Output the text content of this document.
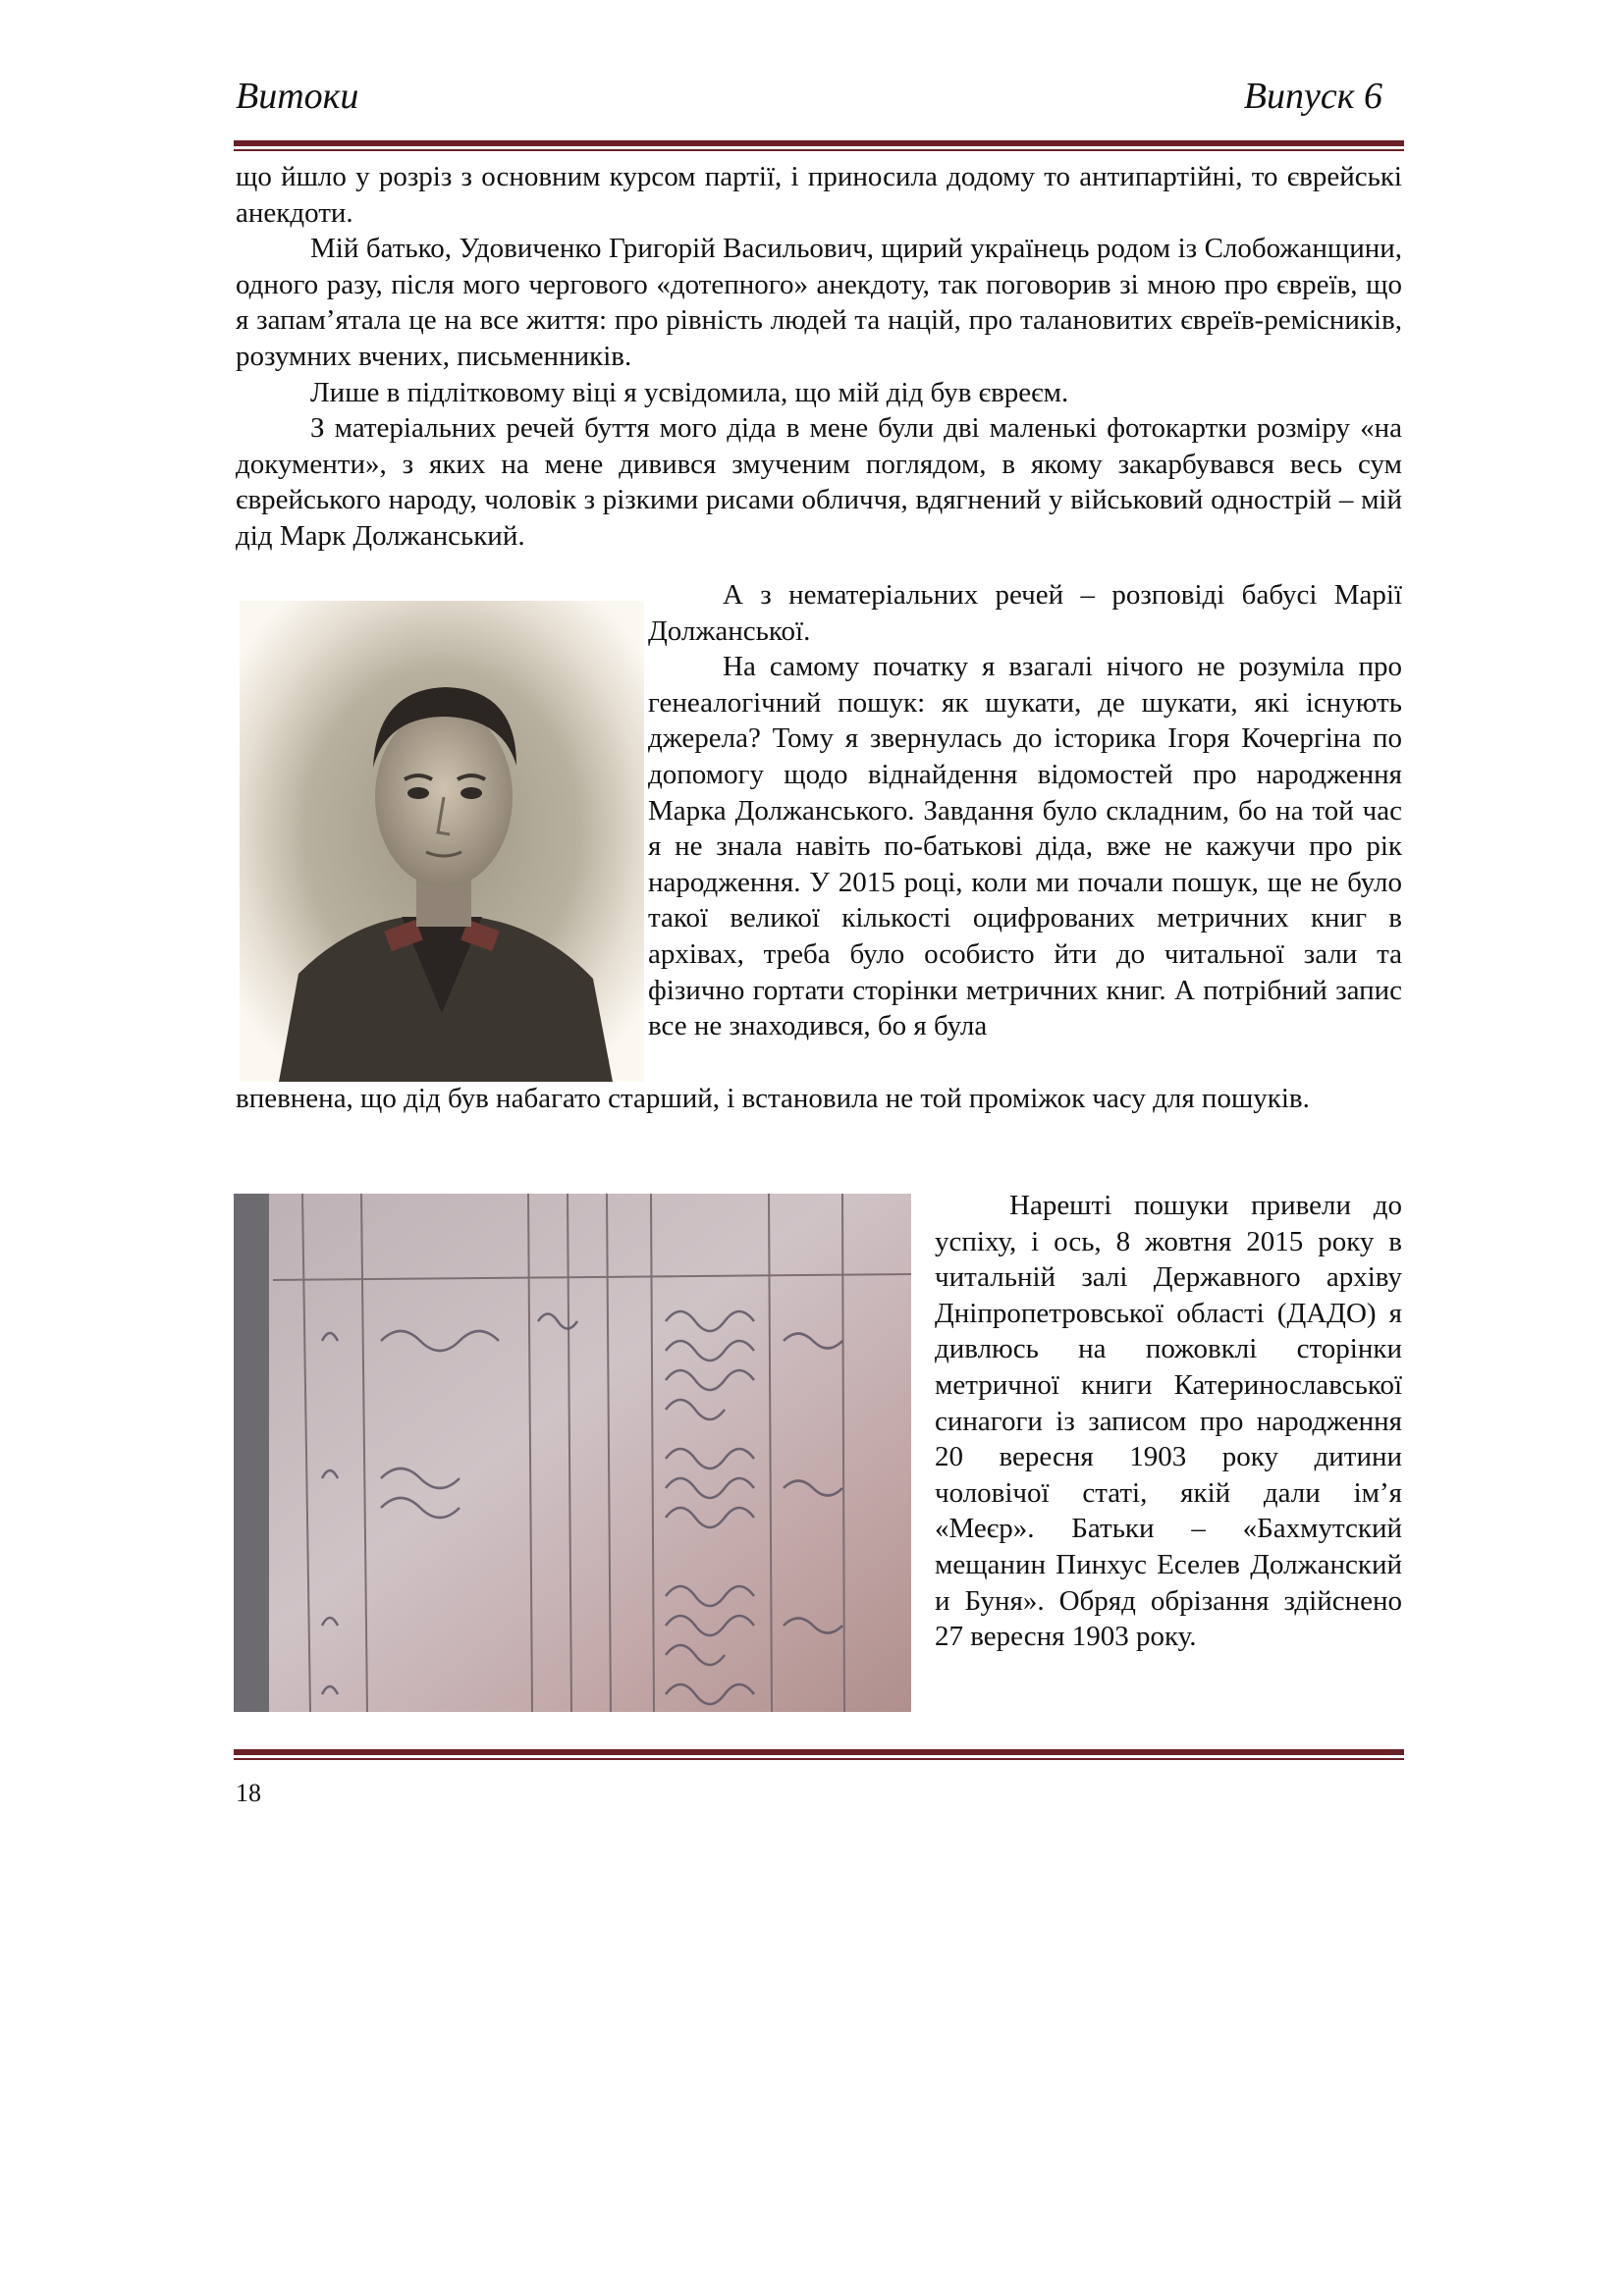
Витоки	Випуск 6

що йшло у розріз з основним курсом партії, і приносила додому то антипартійні, то єврейські анекдоти.

Мій батько, Удовиченко Григорій Васильович, щирий українець родом із Слобожанщини, одного разу, після мого чергового «дотепного» анекдоту, так поговорив зі мною про євреїв, що я запам’ятала це на все життя: про рівність людей та націй, про талановитих євреїв-ремісників, розумних вчених, письменників.

Лише в підлітковому віці я усвідомила, що мій дід був євреєм.

З матеріальних речей буття мого діда в мене були дві маленькі фотокартки розміру «на документи», з яких на мене дивився змученим поглядом, в якому закарбувався весь сум єврейського народу, чоловік з різкими рисами обличчя, вдягнений у військовий однострій – мій дід Марк Должанський.

А з нематеріальних речей – розповіді бабусі Марії Должанської.

На самому початку я взагалі нічого не розуміла про генеалогічний пошук: як шукати, де шукати, які існують джерела? Тому я звернулась до історика Ігоря Кочергіна по допомогу щодо віднайдення відомостей про народження Марка Должанського. Завдання було складним, бо на той час я не знала навіть по-батькові діда, вже не кажучи про рік народження. У 2015 році, коли ми почали пошук, ще не було такої великої кількості оцифрованих метричних книг в архівах, треба було особисто йти до читальної зали та фізично гортати сторінки метричних книг. А потрібний запис все не знаходився, бо я була

впевнена, що дід був набагато старший, і встановила не той проміжок часу для пошуків.

Нарешті пошуки привели до успіху, і ось, 8 жовтня 2015 року в читальній залі Державного архіву Дніпропетровської області (ДАДО) я дивлюсь на пожовклі сторінки метричної книги Катеринославської синагоги із записом про народження 20 вересня 1903 року дитини чоловічої статі, якій дали ім’я «Меєр». Батьки – «Бахмутский мещанин Пинхус Еселев Должанский и Буня». Обряд обрізання здійснено 27 вересня 1903 року.

18
